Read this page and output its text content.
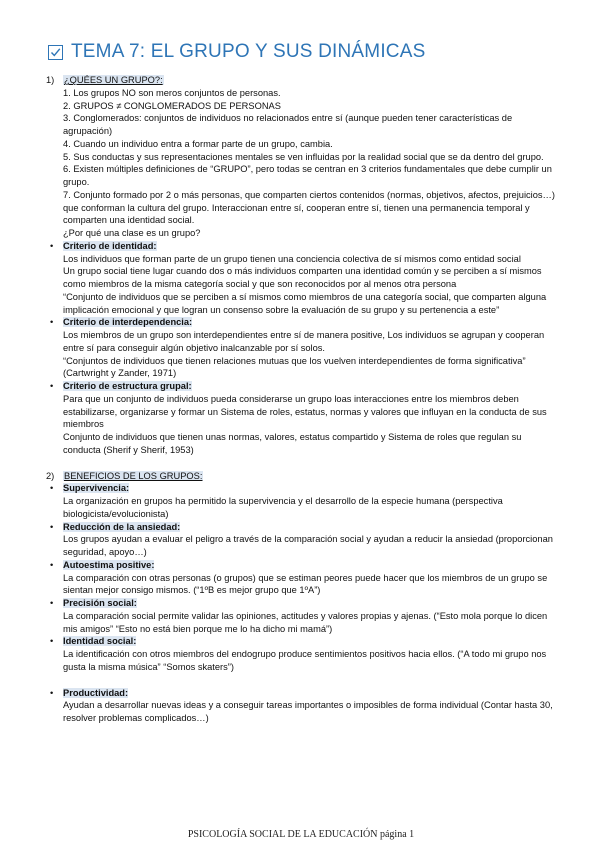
TEMA 7: EL GRUPO Y SUS DINÁMICAS
1) ¿QUÉES UN GRUPO?:
1. Los grupos NO son meros conjuntos de personas.
2. GRUPOS ≠ CONGLOMERADOS DE PERSONAS
3. Conglomerados: conjuntos de individuos no relacionados entre sí (aunque pueden tener características de agrupación)
4. Cuando un individuo entra a formar parte de un grupo, cambia.
5. Sus conductas y sus representaciones mentales se ven influidas por la realidad social que se da dentro del grupo.
6. Existen múltiples definiciones de “GRUPO”, pero todas se centran en 3 criterios fundamentales que debe cumplir un grupo.
7. Conjunto formado por 2 o más personas, que comparten ciertos contenidos (normas, objetivos, afectos, prejuicios…) que conforman la cultura del grupo. Interaccionan entre sí, cooperan entre sí, tienen una permanencia temporal y comparten una identidad social.
¿Por qué una clase es un grupo?
• Criterio de identidad:
Los individuos que forman parte de un grupo tienen una conciencia colectiva de sí mismos como entidad social
Un grupo social tiene lugar cuando dos o más individuos comparten una identidad común y se perciben a sí mismos como miembros de la misma categoría social y que son reconocidos por al menos otra persona
“Conjunto de individuos que se perciben a sí mismos como miembros de una categoría social, que comparten alguna implicación emocional y que logran un consenso sobre la evaluación de su grupo y su pertenencia a este”
• Criterio de interdependencia:
Los miembros de un grupo son interdependientes entre sí de manera positive, Los individuos se agrupan y cooperan entre sí para conseguir algún objetivo inalcanzable por sí solos.
“Conjuntos de individuos que tienen relaciones mutuas que los vuelven interdependientes de forma significativa” (Cartwright y Zander, 1971)
• Criterio de estructura grupal:
Para que un conjunto de individuos pueda considerarse un grupo loas interacciones entre los miembros deben estabilizarse, organizarse y formar un Sistema de roles, estatus, normas y valores que influyan en la conducta de sus miembros
Conjunto de individuos que tienen unas normas, valores, estatus compartido y Sistema de roles que regulan su conducta (Sherif y Sherif, 1953)
2) BENEFICIOS DE LOS GRUPOS:
• Supervivencia:
La organización en grupos ha permitido la supervivencia y el desarrollo de la especie humana (perspectiva biologicista/evolucionista)
• Reducción de la ansiedad:
Los grupos ayudan a evaluar el peligro a través de la comparación social y ayudan a reducir la ansiedad (proporcionan seguridad, apoyo…)
• Autoestima positive:
La comparación con otras personas (o grupos) que se estiman peores puede hacer que los miembros de un grupo se sientan mejor consigo mismos. (“1ºB es mejor grupo que 1ºA”)
• Precisión social:
La comparación social permite validar las opiniones, actitudes y valores propias y ajenas. (“Esto mola porque lo dicen mis amigos” “Esto no está bien porque me lo ha dicho mi mamá”)
• Identidad social:
La identificación con otros miembros del endogrupo produce sentimientos positivos hacia ellos. (“A todo mi grupo nos gusta la misma música” “Somos skaters”)
• Productividad:
Ayudan a desarrollar nuevas ideas y a conseguir tareas importantes o imposibles de forma individual (Contar hasta 30, resolver problemas complicados…)
PSICOLOGÍA SOCIAL DE LA EDUCACIÓN página 1
